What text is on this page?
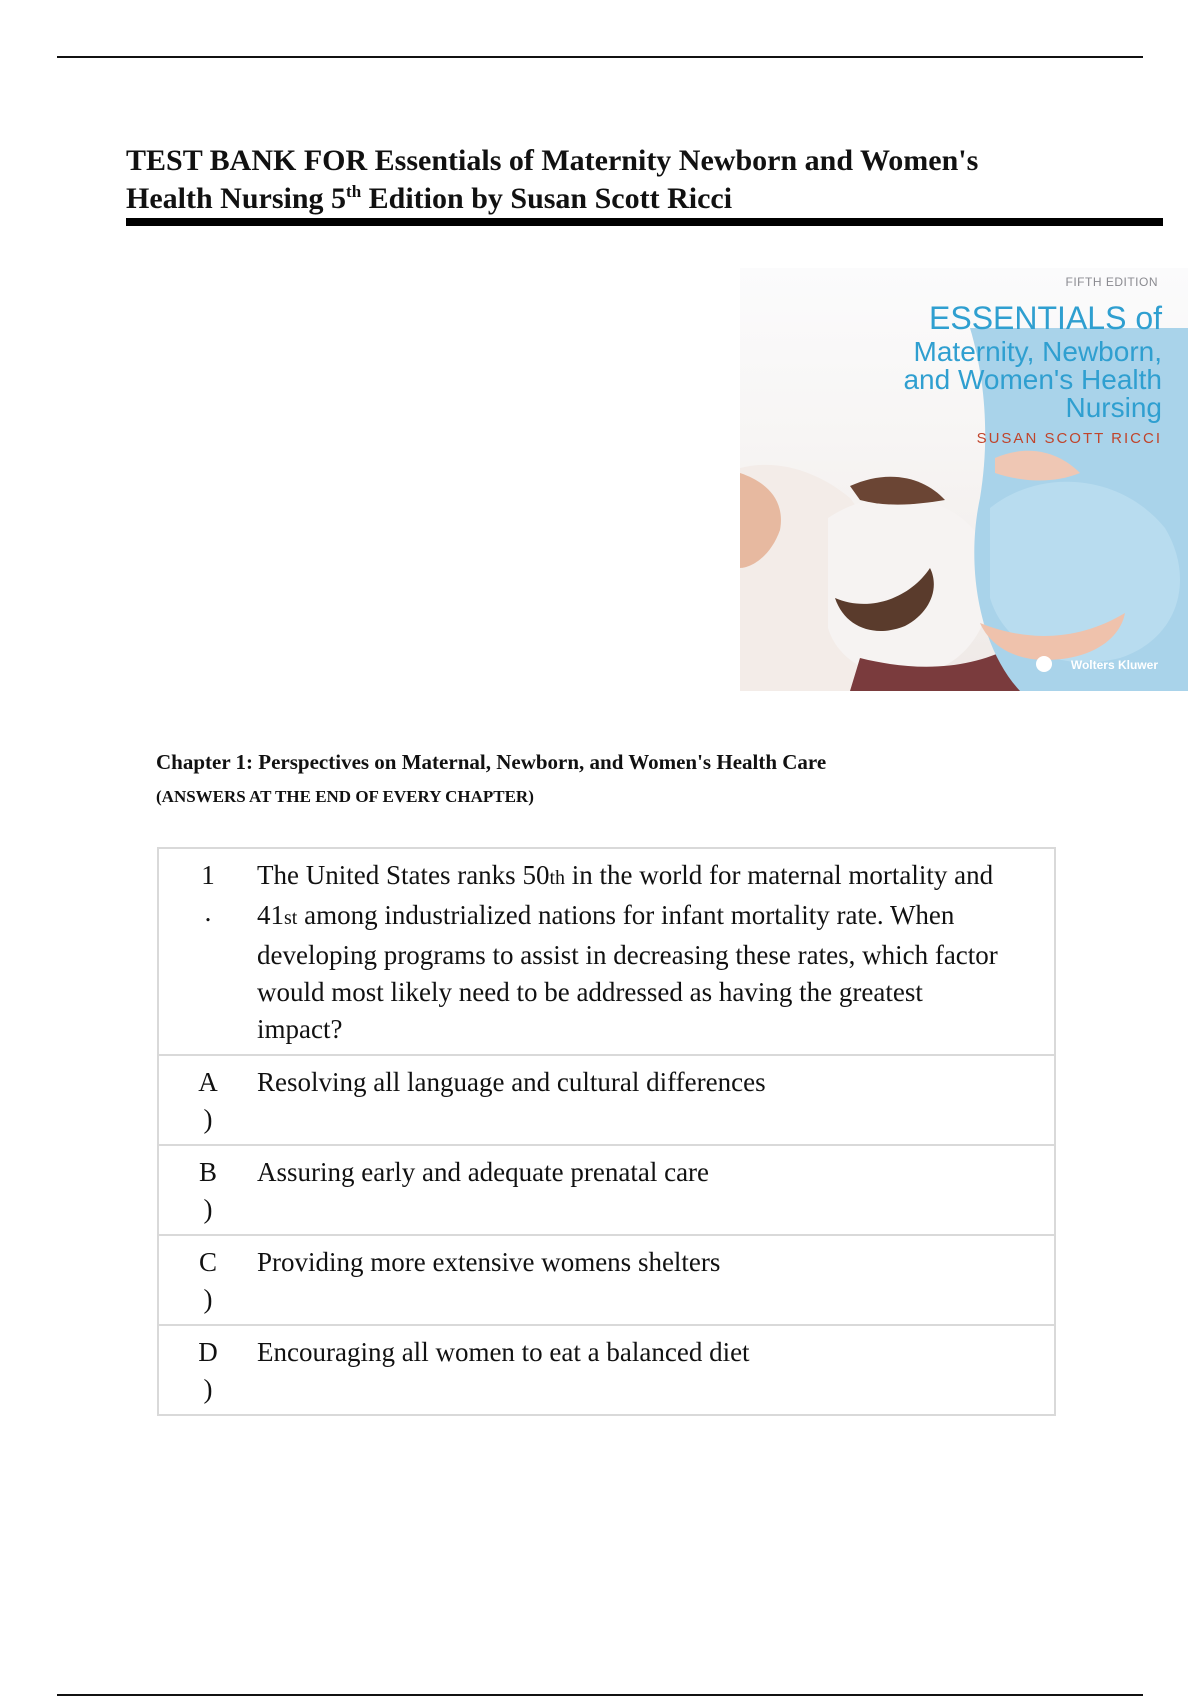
TEST BANK FOR Essentials of Maternity Newborn and Women's
Health Nursing 5th Edition by Susan Scott Ricci
FIFTH EDITION
ESSENTIALS of
Maternity, Newborn,
and Women's Health
Nursing
SUSAN SCOTT RICCI
Wolters Kluwer
Chapter 1: Perspectives on Maternal, Newborn, and Women's Health Care
(ANSWERS AT THE END OF EVERY CHAPTER)
1
.	The United States ranks 50th in the world for maternal mortality and 41st among industrialized nations for infant mortality rate. When developing programs to assist in decreasing these rates, which factor would most likely need to be addressed as having the greatest impact?

A
)	Resolving all language and cultural differences

B
)	Assuring early and adequate prenatal care

C
)	Providing more extensive womens shelters

D
)	Encouraging all women to eat a balanced diet
